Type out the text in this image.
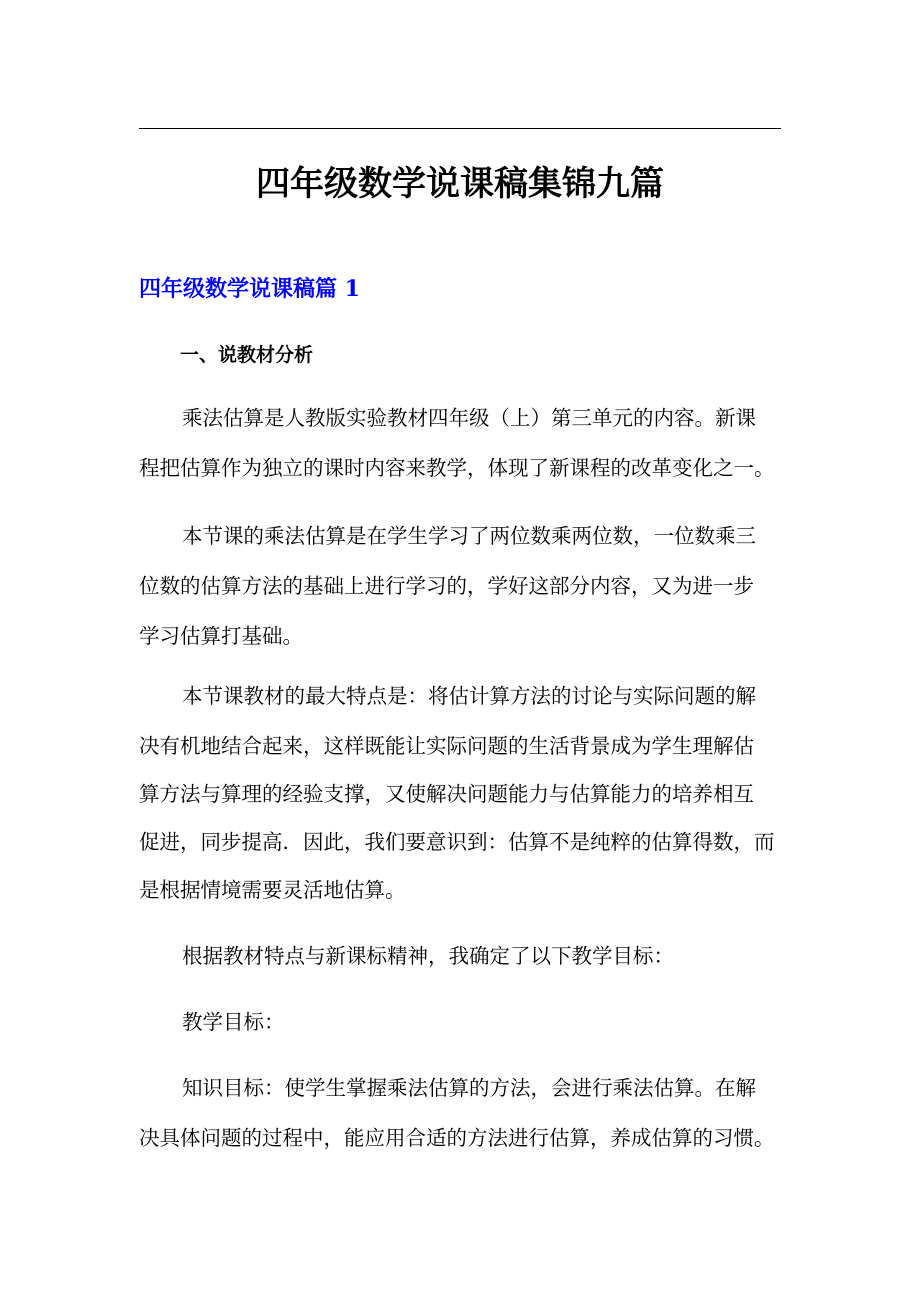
四年级数学说课稿集锦九篇
四年级数学说课稿篇 1
一、说教材分析

乘法估算是人教版实验教材四年级（上）第三单元的内容。新课

程把估算作为独立的课时内容来教学，体现了新课程的改革变化之一。

本节课的乘法估算是在学生学习了两位数乘两位数，一位数乘三

位数的估算方法的基础上进行学习的，学好这部分内容，又为进一步

学习估算打基础。

本节课教材的最大特点是：将估计算方法的讨论与实际问题的解

决有机地结合起来，这样既能让实际问题的生活背景成为学生理解估

算方法与算理的经验支撑，又使解决问题能力与估算能力的培养相互

促进，同步提高．因此，我们要意识到：估算不是纯粹的估算得数，而

是根据情境需要灵活地估算。

根据教材特点与新课标精神，我确定了以下教学目标：

教学目标：

知识目标：使学生掌握乘法估算的方法，会进行乘法估算。在解

决具体问题的过程中，能应用合适的方法进行估算，养成估算的习惯。
